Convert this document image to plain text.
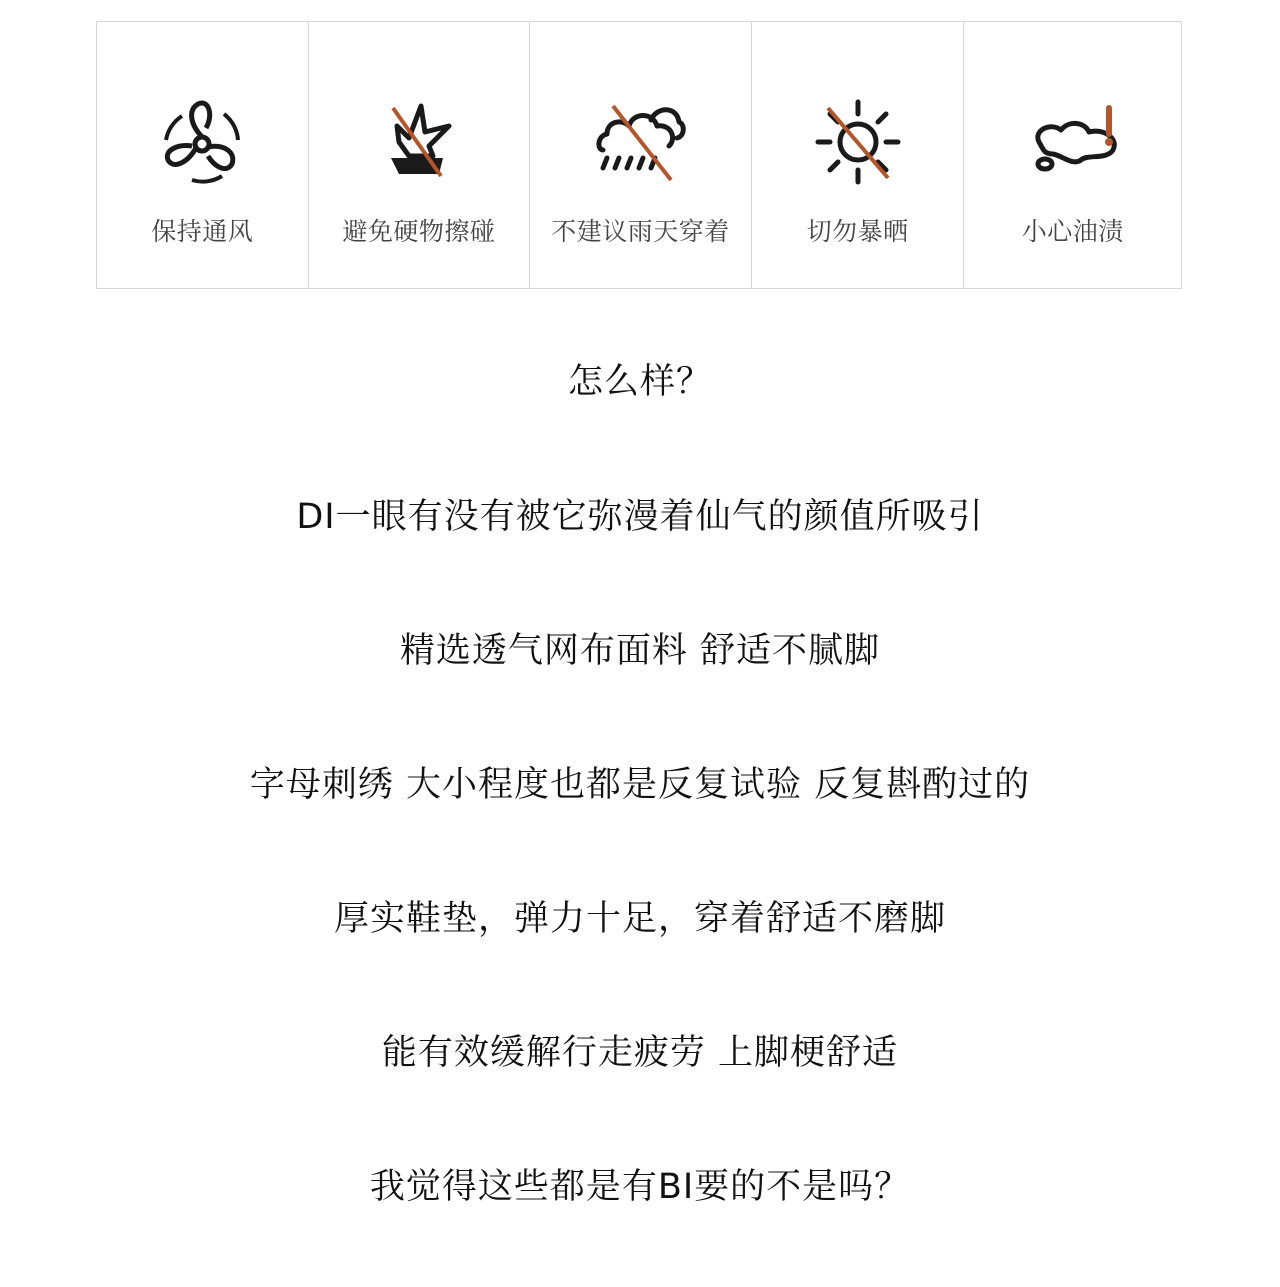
保持通风	避免硬物擦碰	不建议雨天穿着	切勿暴晒	小心油渍
怎么样？
DI一眼有没有被它弥漫着仙气的颜值所吸引
精选透气网布面料 舒适不腻脚
字母刺绣 大小程度也都是反复试验 反复斟酌过的
厚实鞋垫，弹力十足，穿着舒适不磨脚
能有效缓解行走疲劳 上脚梗舒适
我觉得这些都是有BI要的不是吗？
